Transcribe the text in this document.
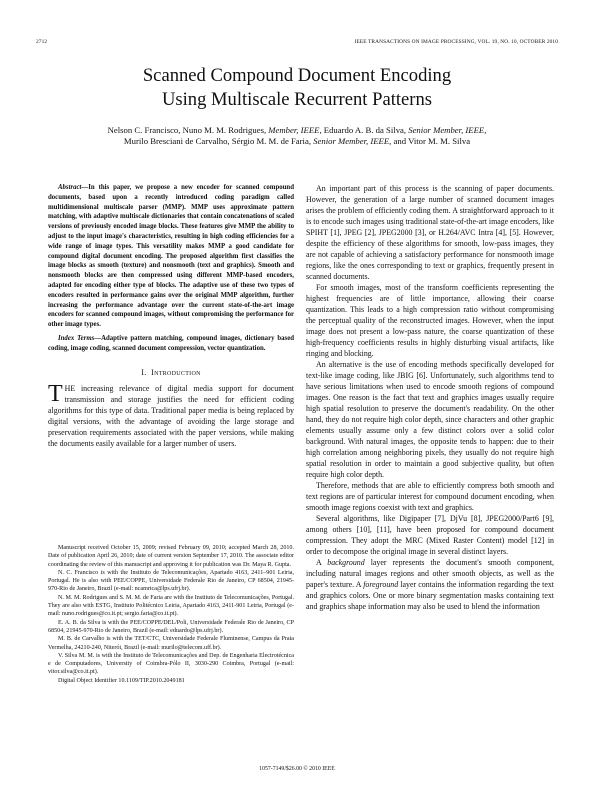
2712	IEEE TRANSACTIONS ON IMAGE PROCESSING, VOL. 19, NO. 10, OCTOBER 2010
Scanned Compound Document Encoding
Using Multiscale Recurrent Patterns
Nelson C. Francisco, Nuno M. M. Rodrigues, Member, IEEE, Eduardo A. B. da Silva, Senior Member, IEEE,
Murilo Bresciani de Carvalho, Sérgio M. M. de Faria, Senior Member, IEEE, and Vitor M. M. Silva

Abstract—In this paper, we propose a new encoder for scanned compound documents, based upon a recently introduced coding paradigm called multidimensional multiscale parser (MMP). MMP uses approximate pattern matching, with adaptive multiscale dictionaries that contain concatenations of scaled versions of previously encoded image blocks. These features give MMP the ability to adjust to the input image's characteristics, resulting in high coding efficiencies for a wide range of image types. This versatility makes MMP a good candidate for compound digital document encoding. The proposed algorithm first classifies the image blocks as smooth (texture) and nonsmooth (text and graphics). Smooth and nonsmooth blocks are then compressed using different MMP-based encoders, adapted for encoding either type of blocks. The adaptive use of these two types of encoders resulted in performance gains over the original MMP algorithm, further increasing the performance advantage over the current state-of-the-art image encoders for scanned compound images, without compromising the performance for other image types.

Index Terms—Adaptive pattern matching, compound images, dictionary based coding, image coding, scanned document compression, vector quantization.

I. Introduction

THE increasing relevance of digital media support for document transmission and storage justifies the need for efficient coding algorithms for this type of data. Traditional paper media is being replaced by digital versions, with the advantage of avoiding the large storage and preservation requirements associated with the paper versions, while making the documents easily available for a larger number of users.

Manuscript received October 15, 2009; revised February 09, 2010; accepted March 28, 2010. Date of publication April 26, 2010; date of current version September 17, 2010. The associate editor coordinating the review of this manuscript and approving it for publication was Dr. Maya R. Gupta.

N. C. Francisco is with the Instituto de Telecomunicações, Apartado 4163, 2411–901 Leiria, Portugal. He is also with PEE/COPPE, Universidade Federale Rio de Janeiro, CP 68504, 21945-970-Rio de Janeiro, Brazil (e-mail: ncamrica@lps.ufrj.br).

N. M. M. Rodrigues and S. M. M. de Faria are with the Instituto de Telecomunicações, Portugal. They are also with ESTG, Instituto Politécnico Leiria, Apartado 4163, 2411-901 Leiria, Portugal (e-mail: nuno.rodrigues@co.it.pt; sergio.faria@co.it.pt).

E. A. B. da Silva is with the PEE/COPPE/DEL/Poli, Universidade Federale Rio de Janeiro, CP 68504, 21945-970-Rio de Janeiro, Brazil (e-mail: eduardo@lps.ufrj.br).

M. B. de Carvalho is with the TET/CTC, Universidade Federale Fluminense, Campus da Praia Vermelha, 24210-240, Niterói, Brazil (e-mail: murilo@telecom.uff.br).

V. Silva M. M. is with the Instituto de Telecomunicações and Dep. de Engenharia Electrotécnica e de Computadores, University of Coimbra-Pólo II, 3030-290 Coimbra, Portugal (e-mail: vitor.silva@co.it.pt).

Digital Object Identifier 10.1109/TIP.2010.2049181

An important part of this process is the scanning of paper documents. However, the generation of a large number of scanned document images arises the problem of efficiently coding them. A straightforward approach to it is to encode such images using traditional state-of-the-art image encoders, like SPIHT [1], JPEG [2], JPEG2000 [3], or H.264/AVC Intra [4], [5]. However, despite the efficiency of these algorithms for smooth, low-pass images, they are not capable of achieving a satisfactory performance for nonsmooth image regions, like the ones corresponding to text or graphics, frequently present in scanned documents.

For smooth images, most of the transform coefficients representing the highest frequencies are of little importance, allowing their coarse quantization. This leads to a high compression ratio without compromising the perceptual quality of the reconstructed images. However, when the input image does not present a low-pass nature, the coarse quantization of these high-frequency coefficients results in highly disturbing visual artifacts, like ringing and blocking.

An alternative is the use of encoding methods specifically developed for text-like image coding, like JBIG [6]. Unfortunately, such algorithms tend to have serious limitations when used to encode smooth regions of compound images. One reason is the fact that text and graphics images usually require high spatial resolution to preserve the document's readability. On the other hand, they do not require high color depth, since characters and other graphic elements usually assume only a few distinct colors over a solid color background. With natural images, the opposite tends to happen: due to their high correlation among neighboring pixels, they usually do not require high spatial resolution in order to maintain a good subjective quality, but often require high color depth.

Therefore, methods that are able to efficiently compress both smooth and text regions are of particular interest for compound document encoding, when smooth image regions coexist with text and graphics.

Several algorithms, like Digipaper [7], DjVu [8], JPEG2000/Part6 [9], among others [10], [11], have been proposed for compound document compression. They adopt the MRC (Mixed Raster Content) model [12] in order to decompose the original image in several distinct layers.

A background layer represents the document's smooth component, including natural images regions and other smooth objects, as well as the paper's texture. A foreground layer contains the information regarding the text and graphics colors. One or more binary segmentation masks containing text and graphics shape information may also be used to blend the information

1057-7149/$26.00 © 2010 IEEE
